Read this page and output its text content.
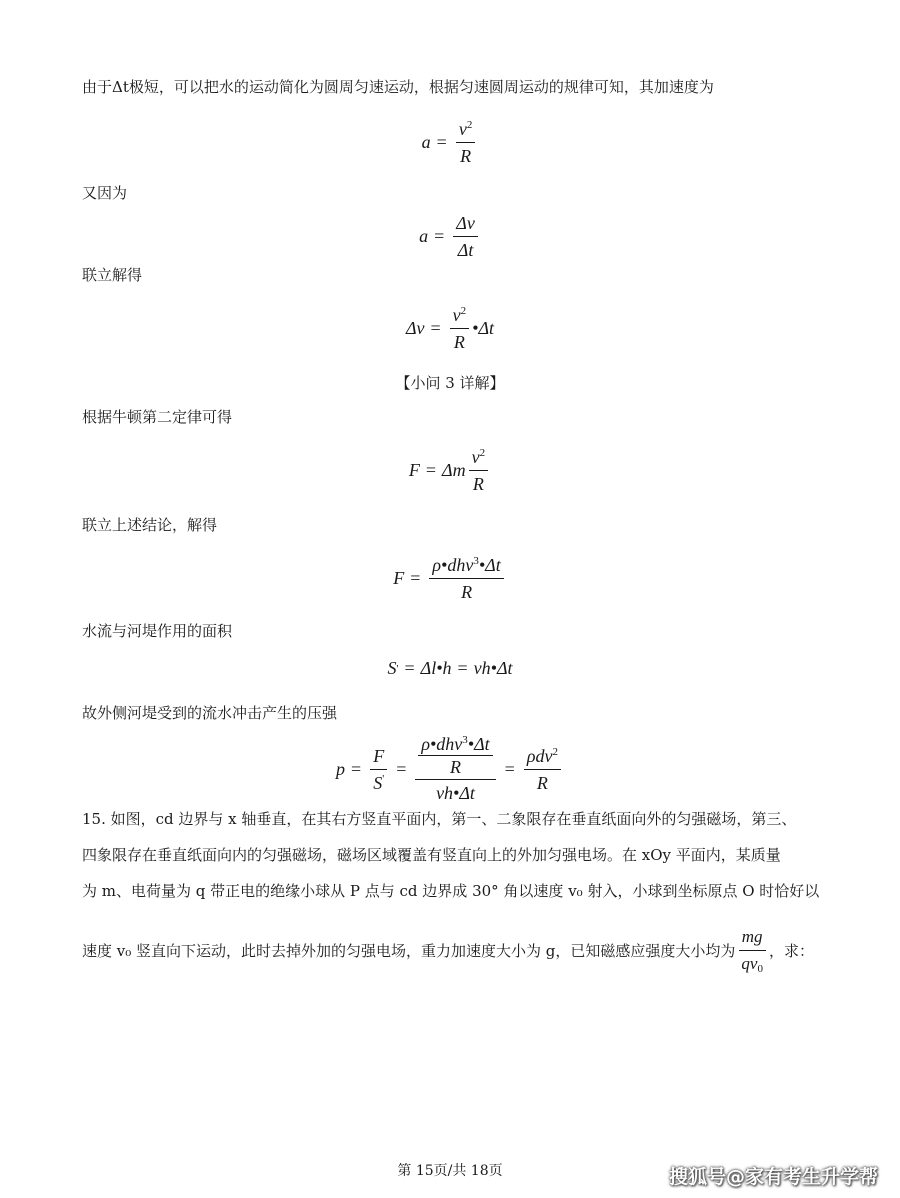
由于Δt极短，可以把水的运动简化为圆周匀速运动，根据匀速圆周运动的规律可知，其加速度为
$a = \frac{v^2}{R}$
又因为
$a = \frac{\Delta v}{\Delta t}$
联立解得
$\Delta v = \frac{v^2}{R}$ •Δt
【小问 3 详解】
根据牛顿第二定律可得
F = Δm $\frac{v^2}{R}$
联立上述结论，解得
$F = \frac{\rho•dhv^3•\Delta t}{R}$
水流与河堤作用的面积
S ' = Δl•h = vh•Δt
故外侧河堤受到的流水冲击产生的压强
$p = \frac{F}{S'}$ = ρ•dhv$^3$•Δt
R
vh•Δt = $\frac{\rho dv^2}{R}$
15. 如图，cd 边界与 x 轴垂直，在其右方竖直平面内，第一、二象限存在垂直纸面向外的匀强磁场，第三、
四象限存在垂直纸面向内的匀强磁场，磁场区域覆盖有竖直向上的外加匀强电场。在 xOy 平面内，某质量
为 m、电荷量为 q 带正电的绝缘小球从 P 点与 cd 边界成 30° 角以速度 v₀ 射入，小球到坐标原点 O 时恰好以
速度 v₀ 竖直向下运动，此时去掉外加的匀强电场，重力加速度大小为 g，已知磁感应强度大小均为 $\frac{mg}{qv_0}$ ，求：
第 15页/共 18页	搜狐号@家有考生升学帮
